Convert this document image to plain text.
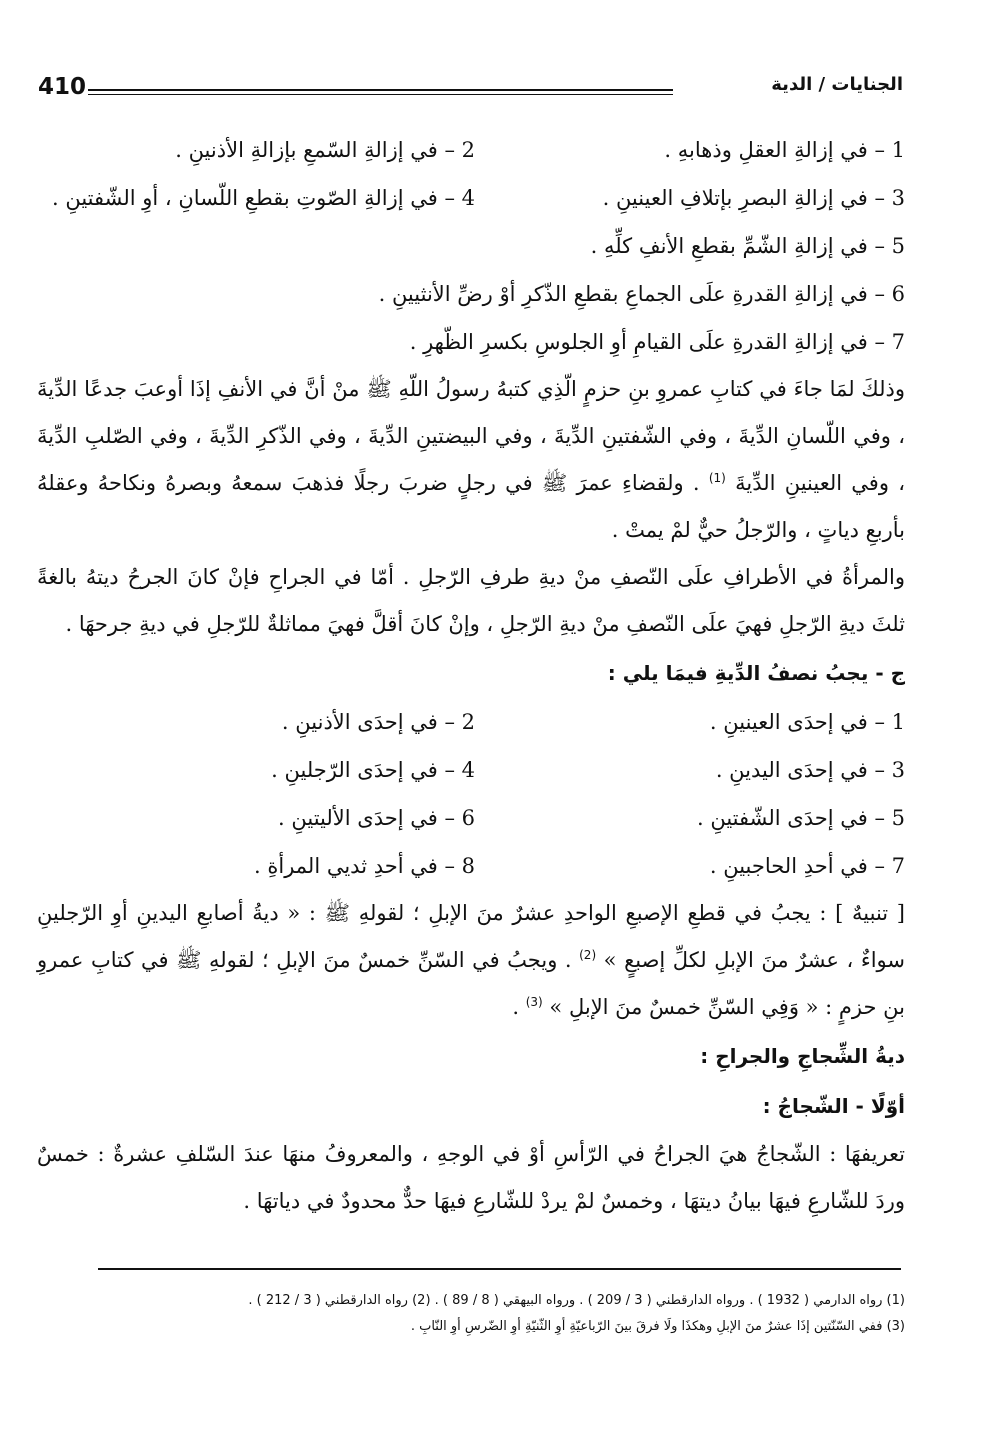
410	الجنايات / الدية
1 – في إزالةِ العقلِ وذهابهِ .
2 – في إزالةِ السّمعِ بإزالةِ الأذنينِ .
3 – في إزالةِ البصرِ بإتلافِ العينينِ .
4 – في إزالةِ الصّوتِ بقطعِ اللّسانِ ، أوِ الشّفتينِ .
5 – في إزالةِ الشّمِّ بقطعِ الأنفِ كلِّهِ .
6 – في إزالةِ القدرةِ علَى الجماعِ بقطعِ الذّكرِ أوْ رضِّ الأنثيينِ .
7 – في إزالةِ القدرةِ علَى القيامِ أوِ الجلوسِ بكسرِ الظّهرِ .

وذلكَ لمَا جاءَ في كتابِ عمروِ بنِ حزمٍ الّذِي كتبهُ رسولُ اللّهِ ﷺ منْ أنَّ في الأنفِ إذَا أوعبَ جدعًا الدِّيةَ ، وفي اللّسانِ الدِّيةَ ، وفي الشّفتينِ الدِّيةَ ، وفي البيضتينِ الدِّيةَ ، وفي الذّكرِ الدِّيةَ ، وفي الصّلبِ الدِّيةَ ، وفي العينينِ الدِّيةَ $^{(1)}$ . ولقضاءِ عمرَ ﷺ في رجلٍ ضربَ رجلًا فذهبَ سمعهُ وبصرهُ ونكاحهُ وعقلهُ بأربعِ دياتٍ ، والرّجلُ حيٌّ لمْ يمتْ .

والمرأةُ في الأطرافِ علَى النّصفِ منْ ديةِ طرفِ الرّجلِ . أمّا في الجراحِ فإنْ كانَ الجرحُ ديتهُ بالغةً ثلثَ ديةِ الرّجلِ فهيَ علَى النّصفِ منْ ديةِ الرّجلِ ، وإنْ كانَ أقلَّ فهيَ مماثلةٌ للرّجلِ في ديةِ جرحهَا .

ج - يجبُ نصفُ الدِّيةِ فيمَا يلي :
1 – في إحدَى العينينِ .
2 – في إحدَى الأذنينِ .
3 – في إحدَى اليدينِ .
4 – في إحدَى الرّجلينِ .
5 – في إحدَى الشّفتينِ .
6 – في إحدَى الأليتينِ .
7 – في أحدِ الحاجبينِ .
8 – في أحدِ ثديي المرأةِ .

[ تنبيهٌ ] : يجبُ في قطعِ الإصبعِ الواحدِ عشرٌ منَ الإبلِ ؛ لقولهِ ﷺ : « ديةُ أصابعِ اليدينِ أوِ الرّجلينِ سواءٌ ، عشرٌ منَ الإبلِ لكلِّ إصبعٍ » $^{(2)}$ . ويجبُ في السّنِّ خمسٌ منَ الإبلِ ؛ لقولهِ ﷺ في كتابِ عمروِ بنِ حزمٍ : « وَفِي السّنِّ خمسٌ منَ الإبلِ » $^{(3)}$ .

ديةُ الشِّجاجِ والجراحِ :
أوّلًا - الشّجاجُ :

تعريفهَا : الشّجاجُ هيَ الجراحُ في الرّأسِ أوْ في الوجهِ ، والمعروفُ منهَا عندَ السّلفِ عشرةٌ : خمسٌ وردَ للشّارعِ فيهَا بيانُ ديتهَا ، وخمسٌ لمْ يردْ للشّارعِ فيهَا حدٌّ محدودٌ في دياتهَا .

(1) رواه الدارمي ( 1932 ) . ورواه الدارقطني ( 3 / 209 ) . ورواه البيهقي ( 8 / 89 ) . (2) رواه الدارقطني ( 3 / 212 ) .
(3) ففي السّنّتين إذَا عشرٌ منَ الإبلِ وهكذَا ولَا فرقَ بينَ الرّباعيّةِ أوِ الثّنيّةِ أوِ الضّرسِ أوِ النّابِ .
